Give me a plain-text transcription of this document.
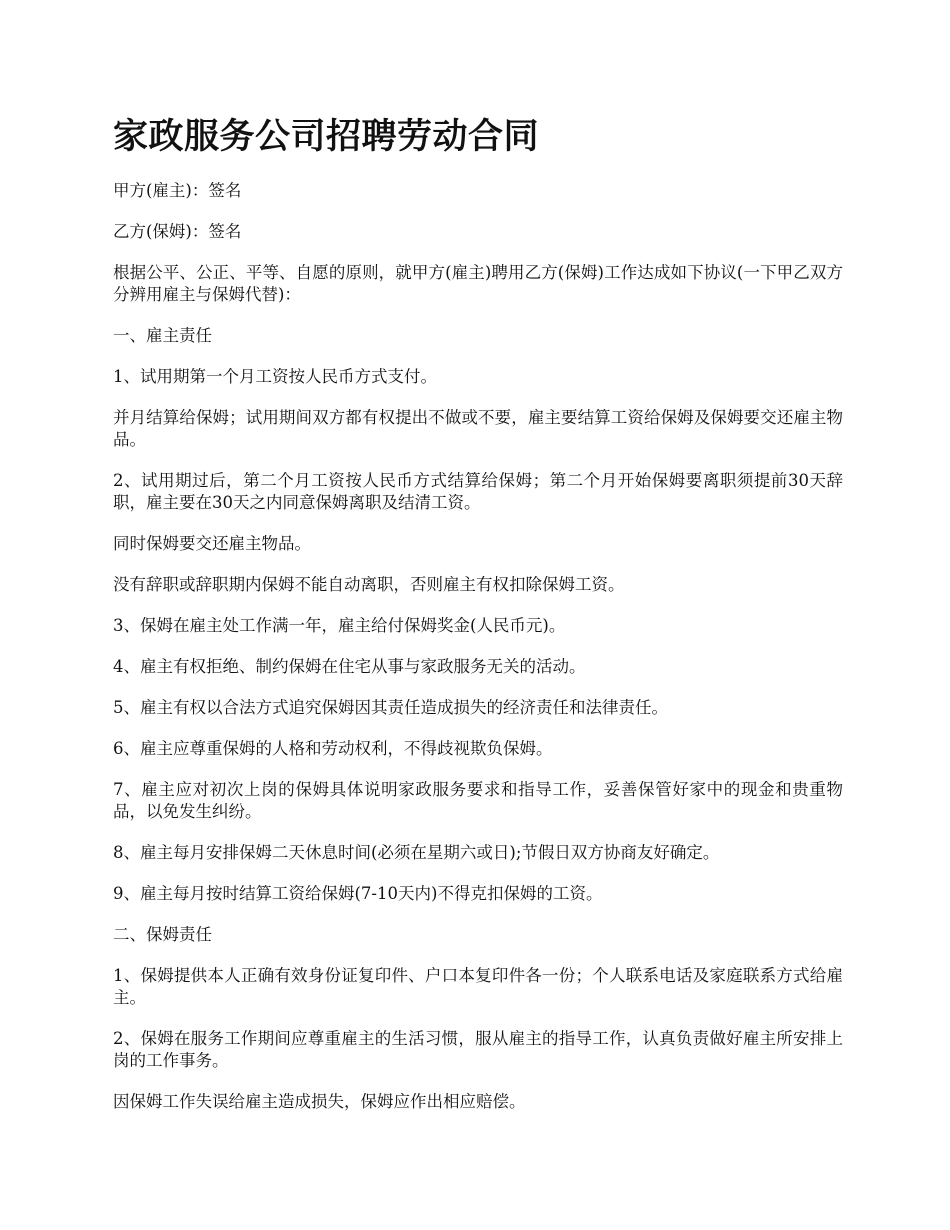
家政服务公司招聘劳动合同

甲方(雇主)：签名

乙方(保姆)：签名

根据公平、公正、平等、自愿的原则，就甲方(雇主)聘用乙方(保姆)工作达成如下协议(一下甲乙双方分辨用雇主与保姆代替)：

一、雇主责任

1、试用期第一个月工资按人民币方式支付。

并月结算给保姆；试用期间双方都有权提出不做或不要，雇主要结算工资给保姆及保姆要交还雇主物品。

2、试用期过后，第二个月工资按人民币方式结算给保姆；第二个月开始保姆要离职须提前30天辞职，雇主要在30天之内同意保姆离职及结清工资。

同时保姆要交还雇主物品。

没有辞职或辞职期内保姆不能自动离职，否则雇主有权扣除保姆工资。

3、保姆在雇主处工作满一年，雇主给付保姆奖金(人民币元)。

4、雇主有权拒绝、制约保姆在住宅从事与家政服务无关的活动。

5、雇主有权以合法方式追究保姆因其责任造成损失的经济责任和法律责任。

6、雇主应尊重保姆的人格和劳动权利，不得歧视欺负保姆。

7、雇主应对初次上岗的保姆具体说明家政服务要求和指导工作，妥善保管好家中的现金和贵重物品，以免发生纠纷。

8、雇主每月安排保姆二天休息时间(必须在星期六或日);节假日双方协商友好确定。

9、雇主每月按时结算工资给保姆(7-10天内)不得克扣保姆的工资。

二、保姆责任

1、保姆提供本人正确有效身份证复印件、户口本复印件各一份；个人联系电话及家庭联系方式给雇主。

2、保姆在服务工作期间应尊重雇主的生活习惯，服从雇主的指导工作，认真负责做好雇主所安排上岗的工作事务。

因保姆工作失误给雇主造成损失，保姆应作出相应赔偿。
